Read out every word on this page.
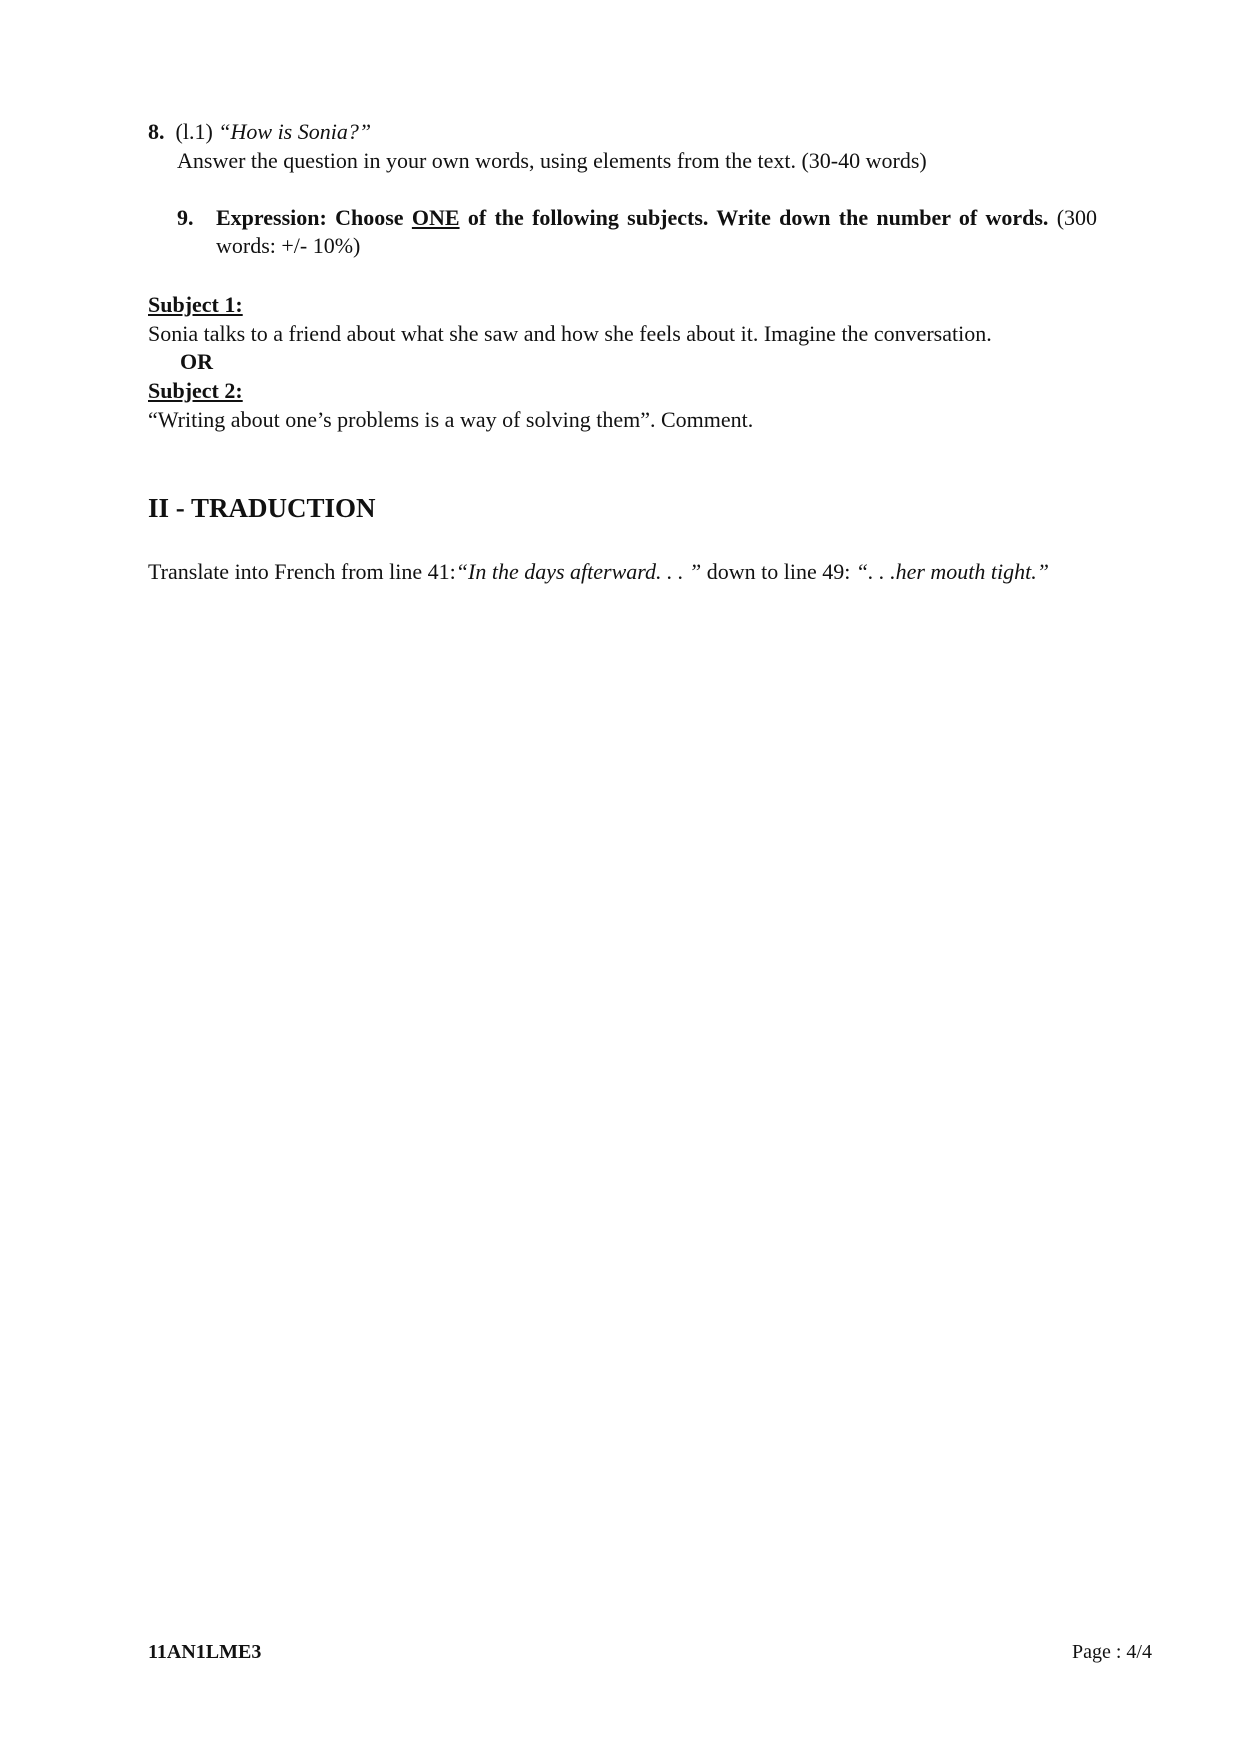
8. (l.1) “How is Sonia?”
Answer the question in your own words, using elements from the text. (30-40 words)
9. Expression: Choose ONE of the following subjects. Write down the number of words. (300 words: +/- 10%)
Subject 1:
Sonia talks to a friend about what she saw and how she feels about it. Imagine the conversation.
OR
Subject 2:
“Writing about one’s problems is a way of solving them”. Comment.
II - TRADUCTION
Translate into French from line 41:“In the days afterward. . . ” down to line 49: “. . .her mouth tight.”
11AN1LME3	Page : 4/4
